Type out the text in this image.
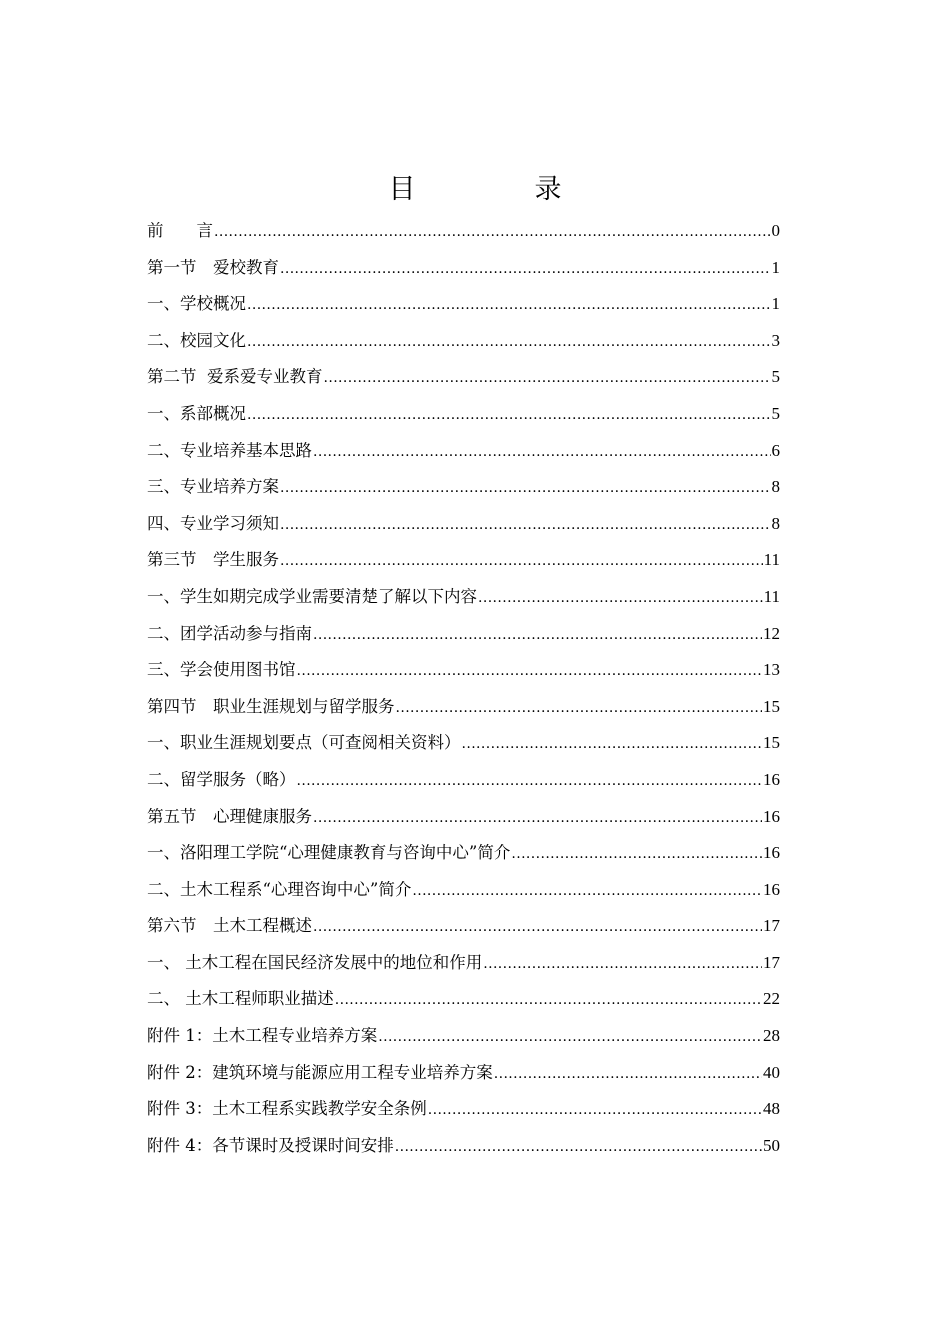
目　录
前　　言 .....	0
第一节　爱校教育 .....	1
一、学校概况 .....	1
二、校园文化 .....	3
第二节  爱系爱专业教育 .....	5
一、系部概况 .....	5
二、专业培养基本思路 .....	6
三、专业培养方案 .....	8
四、专业学习须知 .....	8
第三节　学生服务 .....	11
一、学生如期完成学业需要清楚了解以下内容 .....	11
二、团学活动参与指南 .....	12
三、学会使用图书馆 .....	13
第四节　职业生涯规划与留学服务 .....	15
一、职业生涯规划要点（可查阅相关资料） .....	15
二、留学服务（略） .....	16
第五节　心理健康服务 .....	16
一、洛阳理工学院“心理健康教育与咨询中心”简介 .....	16
二、土木工程系“心理咨询中心”简介 .....	16
第六节　土木工程概述 .....	17
一、 土木工程在国民经济发展中的地位和作用 .....	17
二、 土木工程师职业描述 .....	22
附件 1：土木工程专业培养方案 .....	28
附件 2：建筑环境与能源应用工程专业培养方案 .....	40
附件 3：土木工程系实践教学安全条例 .....	48
附件 4：各节课时及授课时间安排 .....	50
